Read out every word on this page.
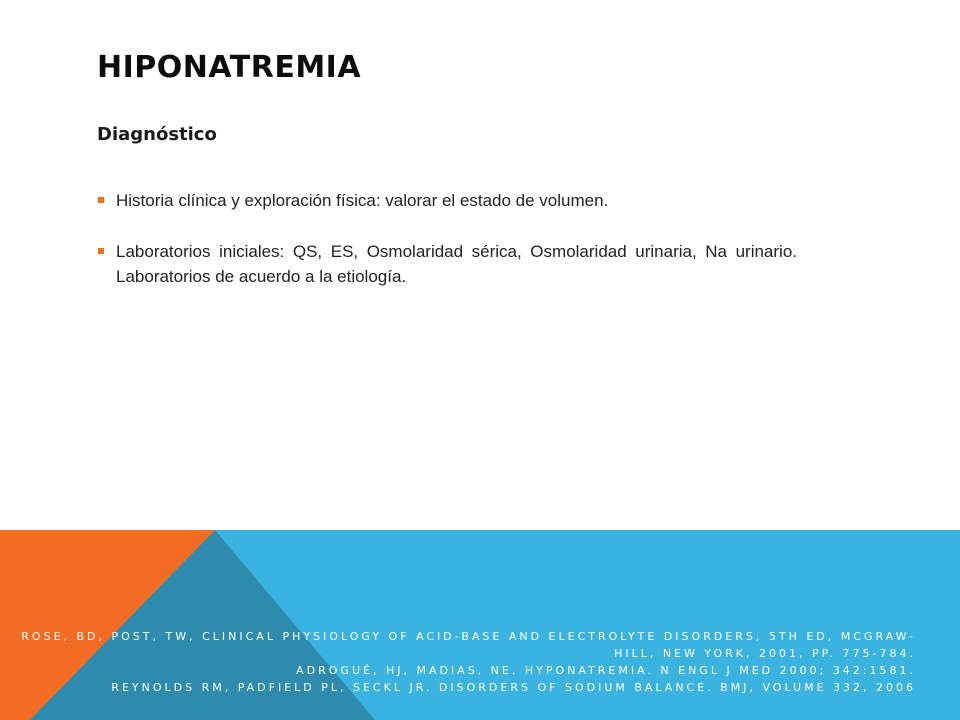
HIPONATREMIA
Diagnóstico
Historia clínica y exploración física: valorar el estado de volumen.
Laboratorios iniciales: QS, ES, Osmolaridad sérica, Osmolaridad urinaria, Na urinario. Laboratorios de acuerdo a la etiología.
ROSE, BD, POST, TW, CLINICAL PHYSIOLOGY OF ACID-BASE AND ELECTROLYTE DISORDERS, 5TH ED, MCGRAW-HILL, NEW YORK, 2001, PP. 775-784.
ADROGUÉ, HJ, MADIAS, NE. HYPONATREMIA. N ENGL J MED 2000; 342:1581.
REYNOLDS RM, PADFIELD PL, SECKL JR. DISORDERS OF SODIUM BALANCE. BMJ, VOLUME 332, 2006
